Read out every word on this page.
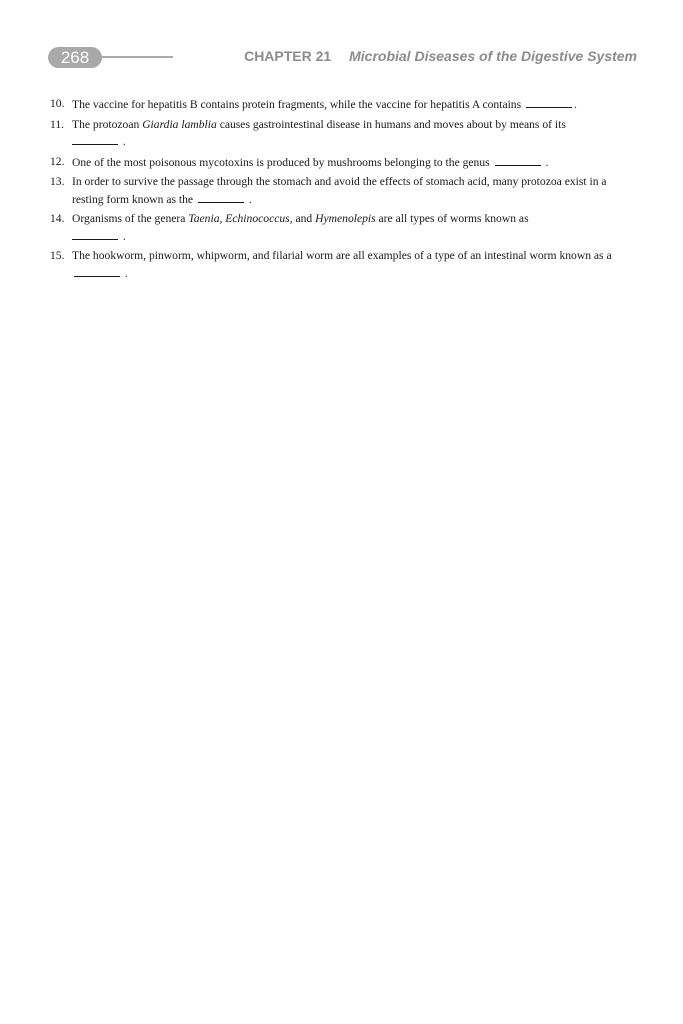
268	CHAPTER 21 Microbial Diseases of the Digestive System
10. The vaccine for hepatitis B contains protein fragments, while the vaccine for hepatitis A contains	.
11. The protozoan Giardia lamblia causes gastrointestinal disease in humans and moves about by means of its
.
12. One of the most poisonous mycotoxins is produced by mushrooms belonging to the genus	.
13. In order to survive the passage through the stomach and avoid the effects of stomach acid, many protozoa exist in a resting form known as the	.
14. Organisms of the genera Taenia, Echinococcus, and Hymenolepis are all types of worms known as
.
15. The hookworm, pinworm, whipworm, and filarial worm are all examples of a type of an intestinal worm known as a  .
